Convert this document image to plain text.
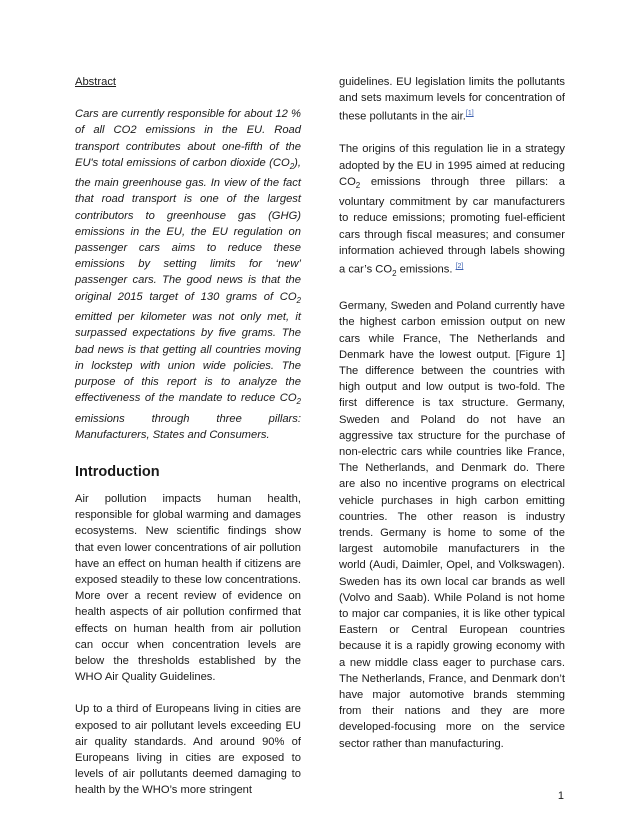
Abstract

Cars are currently responsible for about 12 % of all CO2 emissions in the EU. Road transport contributes about one-fifth of the EU's total emissions of carbon dioxide $(CO_2)$, the main greenhouse gas. In view of the fact that road transport is one of the largest contributors to greenhouse gas (GHG) emissions in the EU, the EU regulation on passenger cars aims to reduce these emissions by setting limits for ‘new’ passenger cars. The good news is that the original 2015 target of 130 grams of $CO_2$ emitted per kilometer was not only met, it surpassed expectations by five grams. The bad news is that getting all countries moving in lockstep with union wide policies. The purpose of this report is to analyze the effectiveness of the mandate to reduce $CO_2$ emissions through three pillars: Manufacturers, States and Consumers.

Introduction

Air pollution impacts human health, responsible for global warming and damages ecosystems. New scientific findings show that even lower concentrations of air pollution have an effect on human health if citizens are exposed steadily to these low concentrations. More over a recent review of evidence on health aspects of air pollution confirmed that effects on human health from air pollution can occur when concentration levels are below the thresholds established by the WHO Air Quality Guidelines.

Up to a third of Europeans living in cities are exposed to air pollutant levels exceeding EU air quality standards. And around 90% of Europeans living in cities are exposed to levels of air pollutants deemed damaging to health by the WHO’s more stringent

guidelines. EU legislation limits the pollutants and sets maximum levels for concentration of these pollutants in the air.[1]

The origins of this regulation lie in a strategy adopted by the EU in 1995 aimed at reducing $CO_2$ emissions through three pillars: a voluntary commitment by car manufacturers to reduce emissions; promoting fuel-efficient cars through fiscal measures; and consumer information achieved through labels showing a car’s $CO_2$ emissions. [2]

Germany, Sweden and Poland currently have the highest carbon emission output on new cars while France, The Netherlands and Denmark have the lowest output. [Figure 1] The difference between the countries with high output and low output is two-fold. The first difference is tax structure. Germany, Sweden and Poland do not have an aggressive tax structure for the purchase of non-electric cars while countries like France, The Netherlands, and Denmark do. There are also no incentive programs on electrical vehicle purchases in high carbon emitting countries. The other reason is industry trends. Germany is home to some of the largest automobile manufacturers in the world (Audi, Daimler, Opel, and Volkswagen). Sweden has its own local car brands as well (Volvo and Saab). While Poland is not home to major car companies, it is like other typical Eastern or Central European countries because it is a rapidly growing economy with a new middle class eager to purchase cars. The Netherlands, France, and Denmark don’t have major automotive brands stemming from their nations and they are more developed-focusing more on the service sector rather than manufacturing.

1
